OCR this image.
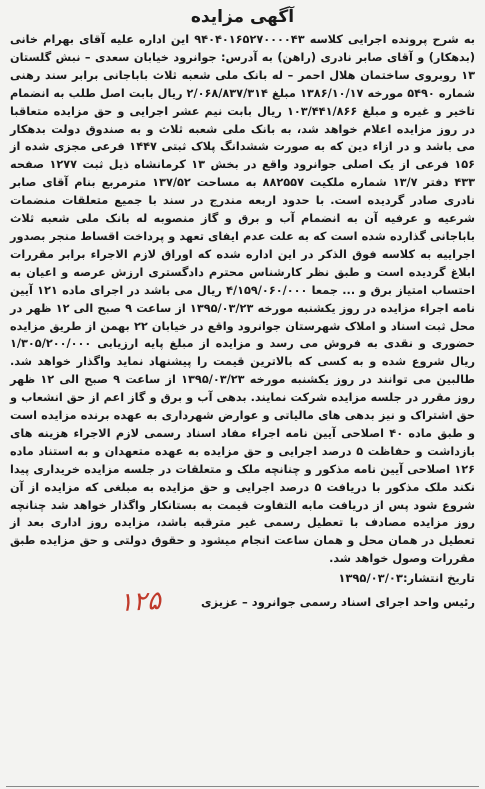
آگهی مزایده
به شرح پرونده اجرایی کلاسه ۹۴۰۴۰۱۶۵۲۷۰۰۰۰۴۳ این اداره علیه آقای بهرام خانی (بدهکار) و آقای صابر نادری (راهن) به آدرس: جوانرود خیابان سعدی – نبش گلستان ۱۳ روبروی ساختمان هلال احمر – له بانک ملی شعبه ثلاث باباجانی برابر سند رهنی شماره ۵۴۹۰ مورخه ۱۳۸۶/۱۰/۱۷ مبلغ ۲/۰۶۸/۸۳۷/۳۱۴ ریال بابت اصل طلب به انضمام تاخیر و غیره و مبلغ ۱۰۳/۴۴۱/۸۶۶ ریال بابت نیم عشر اجرایی و حق مزایده متعاقبا در روز مزایده اعلام خواهد شد، به بانک ملی شعبه ثلاث و به صندوق دولت بدهکار می باشد و در ازاء دین که به صورت ششدانگ پلاک ثبتی ۱۴۴۷ فرعی مجزی شده از ۱۵۶ فرعی از یک اصلی جوانرود واقع در بخش ۱۳ کرمانشاه ذیل ثبت ۱۲۷۷ صفحه ۴۳۳ دفتر ۱۳/۷ شماره ملکیت ۸۸۲۵۵۷ به مساحت ۱۳۷/۵۲ مترمربع بنام آقای صابر نادری صادر گردیده است. با حدود اربعه مندرج در سند با جمیع متعلقات منضمات شرعیه و عرفیه آن به انضمام آب و برق و گاز منصوبه له بانک ملی شعبه ثلاث باباجانی گذارده شده است که به علت عدم ایفای تعهد و پرداخت اقساط منجر بصدور اجراییه به کلاسه فوق الذکر در این اداره شده که اوراق لازم الاجراء برابر مقررات ابلاغ گردیده است و طبق نظر کارشناس محترم دادگستری ارزش عرصه و اعیان به احتساب امتیاز برق و ... جمعا ۴/۱۵۹/۰۶۰/۰۰۰ ریال می باشد در اجرای ماده ۱۲۱ آیین نامه اجراء مزایده در روز یکشنبه مورخه ۱۳۹۵/۰۳/۲۳ از ساعت ۹ صبح الی ۱۲ ظهر در محل ثبت اسناد و املاک شهرستان جوانرود واقع در خیابان ۲۲ بهمن از طریق مزایده حضوری و نقدی به فروش می رسد و مزایده از مبلغ پایه ارزیابی ۱/۳۰۵/۲۰۰/۰۰۰ ریال شروع شده و به کسی که بالاترین قیمت را پیشنهاد نماید واگذار خواهد شد. طالبین می توانند در روز یکشنبه مورخه ۱۳۹۵/۰۳/۲۳ از ساعت ۹ صبح الی ۱۲ ظهر روز مقرر در جلسه مزایده شرکت نمایند. بدهی آب و برق و گاز اعم از حق انشعاب و حق اشتراک و نیز بدهی های مالیاتی و عوارض شهرداری به عهده برنده مزایده است و طبق ماده ۴۰ اصلاحی آیین نامه اجراء مفاد اسناد رسمی لازم الاجراء هزینه های بازداشت و حفاظت ۵ درصد اجرایی و حق مزایده به عهده متعهدان و به استناد ماده ۱۲۶ اصلاحی آیین نامه مذکور و چنانچه ملک و متعلقات در جلسه مزایده خریداری پیدا نکند ملک مذکور با دریافت ۵ درصد اجرایی و حق مزایده به مبلغی که مزایده از آن شروع شود پس از دریافت مابه التفاوت قیمت به بستانکار واگذار خواهد شد چنانچه روز مزایده مصادف با تعطیل رسمی غیر مترقبه باشد، مزایده روز اداری بعد از تعطیل در همان محل و همان ساعت انجام میشود و حقوق دولتی و حق مزایده طبق مقررات وصول خواهد شد.
تاریخ انتشار:۱۳۹۵/۰۳/۰۳
رئیس واحد اجرای اسناد رسمی جوانرود – عزیزی
۱۲۵
